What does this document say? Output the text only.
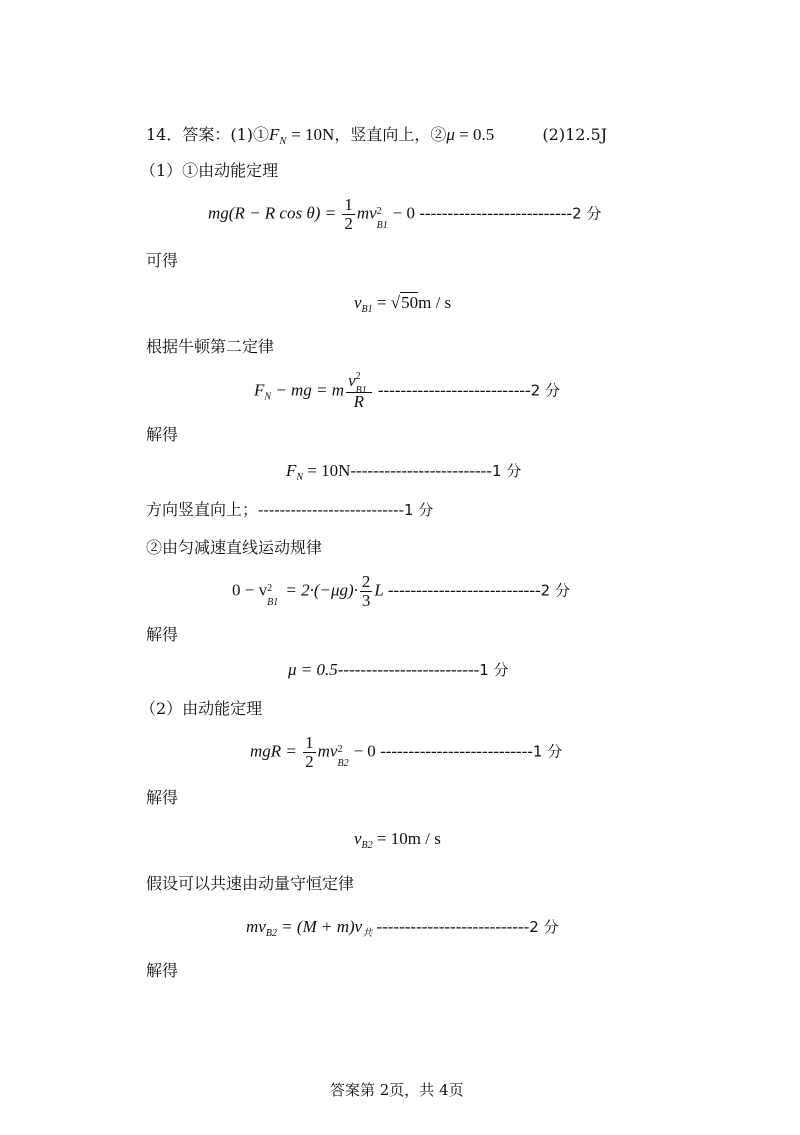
14．答案：$(1)①F_N = 10N$，竖直向上，②μ = 0.5	(2)12.5J
（1）①由动能定理
mg(R − R $\cos \theta) = \frac{1}{2}$ mv 2
B1
− 0 ---------------------------2 分
可得
$v_{B1} = √50m / s$
根据牛顿第二定律
$F_N$ − mg = m v 2
B1
R ---------------------------2 分
解得
$F_N = 10N-------------------------1$ 分
方向竖直向上；---------------------------1 分
②由匀减速直线运动规律
0 − v 2
B1
= $2\cdot(-\mu g)\cdot \frac{2}{3}$ L ---------------------------2 分
解得
μ = 0.5-------------------------1 分
（2）由动能定理
mgR = $\frac{1}{2}$ mv 2
B2
− 0 ---------------------------1 分
解得
$v_{B2} = 10m / s$
假设可以共速由动量守恒定律
$mv_{B2} = (M + m)v_共$ ---------------------------2 分
解得
答案第 2页，共 4页
